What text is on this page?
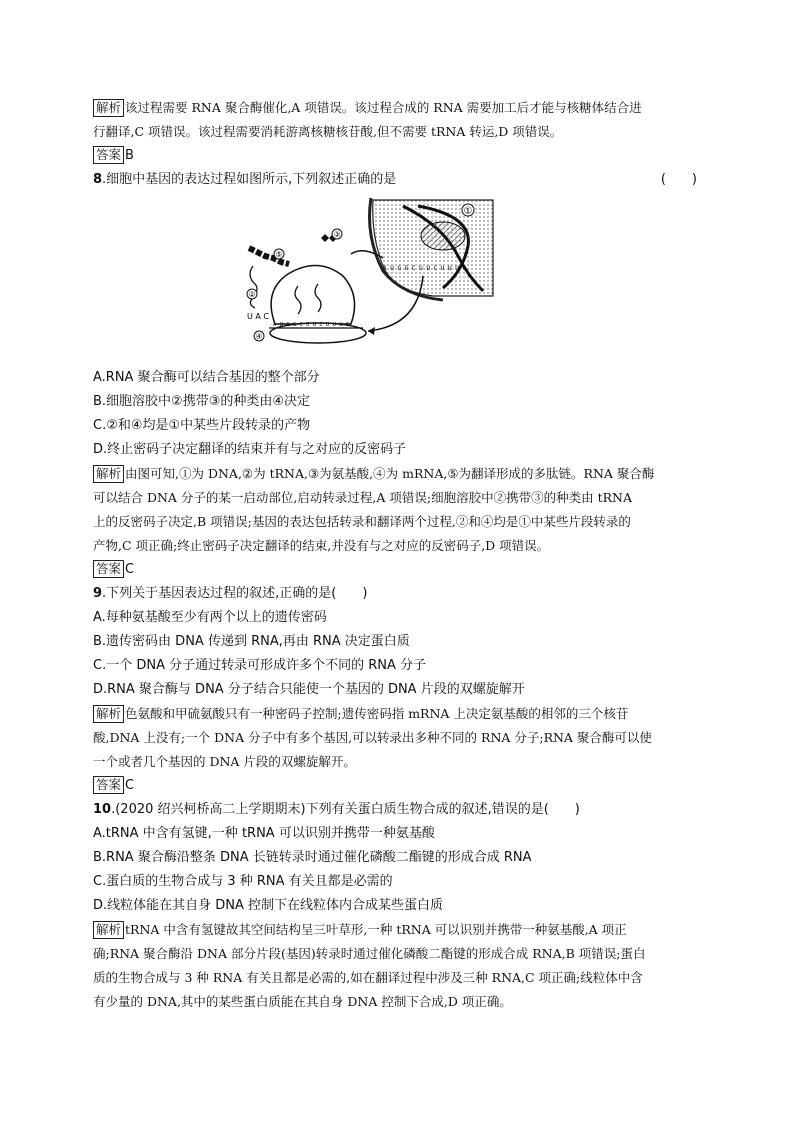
解析 该过程需要 RNA 聚合酶催化,A 项错误。该过程合成的 RNA 需要加工后才能与核糖体结合进
行翻译,C 项错误。该过程需要消耗游离核糖核苷酸,但不需要 tRNA 转运,D 项错误。
答案 B
8.细胞中基因的表达过程如图所示,下列叙述正确的是	(　　)
①
A U G G C U U C U U U C
③
⑤
②
U A C
A U G G C U U C U U U C
④
A.RNA 聚合酶可以结合基因的整个部分
B.细胞溶胶中②携带③的种类由④决定
C.②和④均是①中某些片段转录的产物
D.终止密码子决定翻译的结束并有与之对应的反密码子
解析 由图可知,①为 DNA,②为 tRNA,③为氨基酸,④为 mRNA,⑤为翻译形成的多肽链。RNA 聚合酶
可以结合 DNA 分子的某一启动部位,启动转录过程,A 项错误;细胞溶胶中②携带③的种类由 tRNA
上的反密码子决定,B 项错误;基因的表达包括转录和翻译两个过程,②和④均是①中某些片段转录的
产物,C 项正确;终止密码子决定翻译的结束,并没有与之对应的反密码子,D 项错误。
答案 C
9.下列关于基因表达过程的叙述,正确的是(　　)
A.每种氨基酸至少有两个以上的遗传密码
B.遗传密码由 DNA 传递到 RNA,再由 RNA 决定蛋白质
C.一个 DNA 分子通过转录可形成许多个不同的 RNA 分子
D.RNA 聚合酶与 DNA 分子结合只能使一个基因的 DNA 片段的双螺旋解开
解析 色氨酸和甲硫氨酸只有一种密码子控制;遗传密码指 mRNA 上决定氨基酸的相邻的三个核苷
酸,DNA 上没有;一个 DNA 分子中有多个基因,可以转录出多种不同的 RNA 分子;RNA 聚合酶可以使
一个或者几个基因的 DNA 片段的双螺旋解开。
答案 C
10.(2020 绍兴柯桥高二上学期期末)下列有关蛋白质生物合成的叙述,错误的是(　　)
A.tRNA 中含有氢键,一种 tRNA 可以识别并携带一种氨基酸
B.RNA 聚合酶沿整条 DNA 长链转录时通过催化磷酸二酯键的形成合成 RNA
C.蛋白质的生物合成与 3 种 RNA 有关且都是必需的
D.线粒体能在其自身 DNA 控制下在线粒体内合成某些蛋白质
解析 tRNA 中含有氢键故其空间结构呈三叶草形,一种 tRNA 可以识别并携带一种氨基酸,A 项正
确;RNA 聚合酶沿 DNA 部分片段(基因)转录时通过催化磷酸二酯键的形成合成 RNA,B 项错误;蛋白
质的生物合成与 3 种 RNA 有关且都是必需的,如在翻译过程中涉及三种 RNA,C 项正确;线粒体中含
有少量的 DNA,其中的某些蛋白质能在其自身 DNA 控制下合成,D 项正确。
